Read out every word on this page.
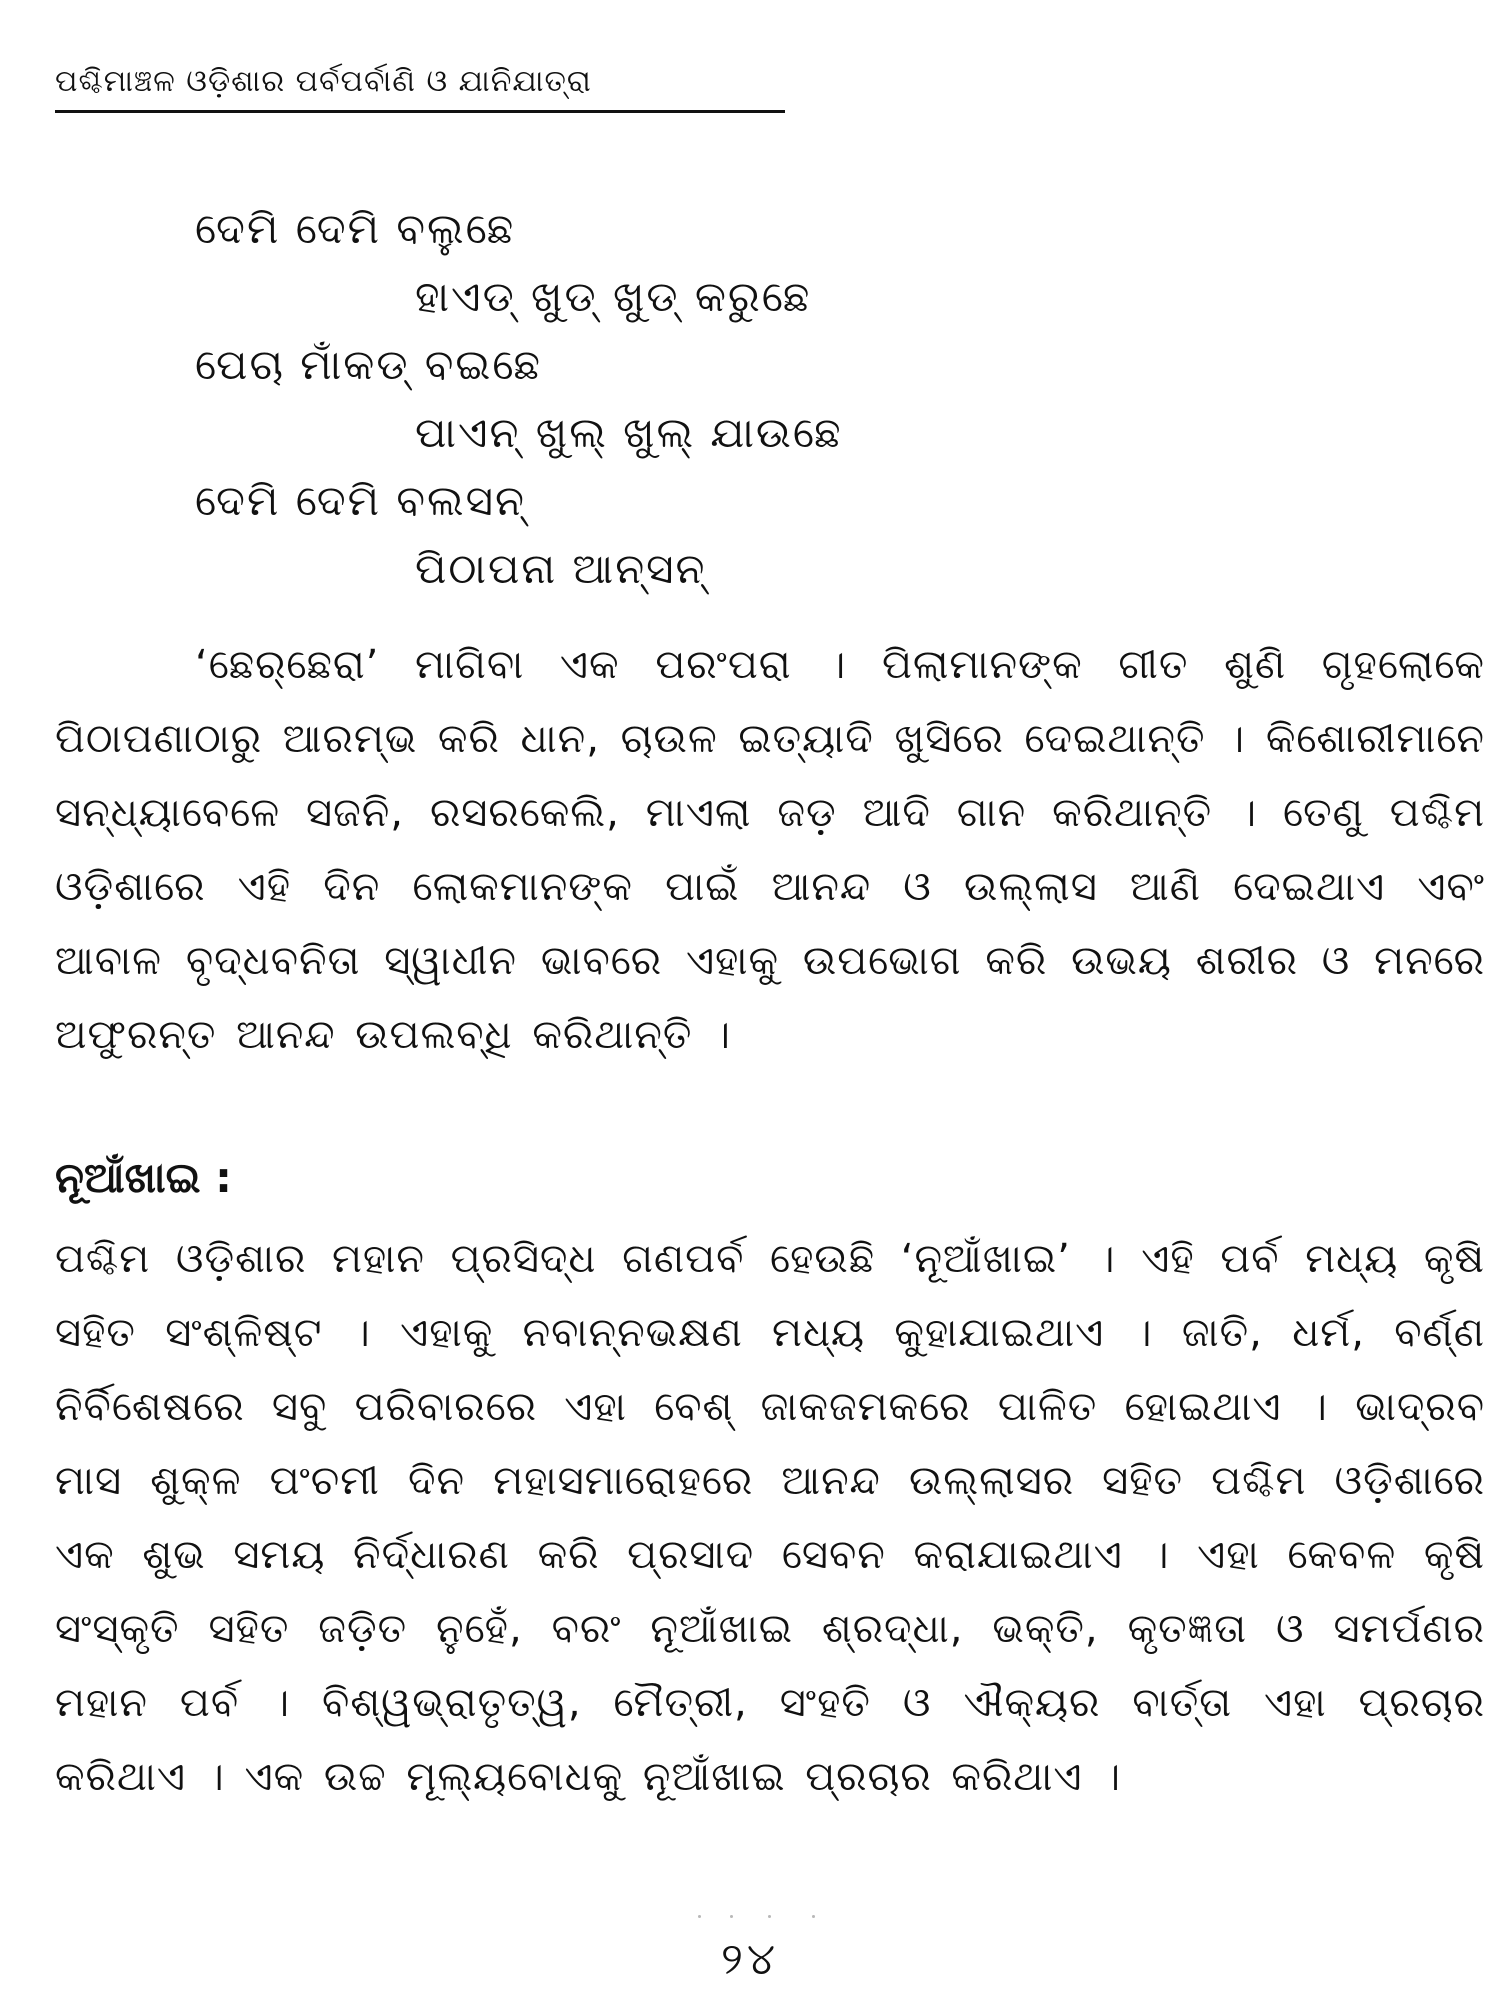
ପଶ୍ଚିମାଞ୍ଚଳ ଓଡ଼ିଶାର ପର୍ବପର୍ବାଣି ଓ ଯାନିଯାତ୍ରା
ଦେମି ଦେମି ବଲୁଛେ
ହାଏଡ୍ ଖୁଡ୍ ଖୁଡ୍ କରୁଛେ
ପେଚା ମାଁକଡ୍ ବଇଛେ
ପାଏନ୍ ଖୁଲ୍ ଖୁଲ୍ ଯାଉଛେ
ଦେମି ଦେମି ବଲସନ୍
ପିଠାପନା ଆନ୍‌ସନ୍

‘ଛେର୍‌ଛେରା’ ମାଗିବା ଏକ ପରଂପରା । ପିଲାମାନଙ୍କ ଗୀତ ଶୁଣି ଗୃହଲୋକେ ପିଠାପଣାଠାରୁ ଆରମ୍ଭ କରି ଧାନ, ଚାଉଳ ଇତ୍ୟାଦି ଖୁସିରେ ଦେଇଥାନ୍ତି । କିଶୋରୀମାନେ ସନ୍ଧ୍ୟାବେଳେ ସଜନି, ରସରକେଲି, ମାଏଲା ଜଡ଼ ଆଦି ଗାନ କରିଥାନ୍ତି । ତେଣୁ ପଶ୍ଚିମ ଓଡ଼ିଶାରେ ଏହି ଦିନ ଲୋକମାନଙ୍କ ପାଇଁ ଆନନ୍ଦ ଓ ଉଲ୍ଲାସ ଆଣି ଦେଇଥାଏ ଏବଂ ଆବାଳ ବୃଦ୍ଧବନିତା ସ୍ୱାଧୀନ ଭାବରେ ଏହାକୁ ଉପଭୋଗ କରି ଉଭୟ ଶରୀର ଓ ମନରେ ଅଫୁରନ୍ତ ଆନନ୍ଦ ଉପଲବ୍ଧି କରିଥାନ୍ତି ।

ନୂଆଁଖାଇ :

ପଶ୍ଚିମ ଓଡ଼ିଶାର ମହାନ ପ୍ରସିଦ୍ଧ ଗଣପର୍ବ ହେଉଛି ‘ନୂଆଁଖାଇ’ । ଏହି ପର୍ବ ମଧ୍ୟ କୃଷି ସହିତ ସଂଶ୍ଳିଷ୍ଟ । ଏହାକୁ ନବାନ୍ନଭକ୍ଷଣ ମଧ୍ୟ କୁହାଯାଇଥାଏ । ଜାତି, ଧର୍ମ, ବର୍ଣ୍ଣ ନିର୍ବିଶେଷରେ ସବୁ ପରିବାରରେ ଏହା ବେଶ୍ ଜାକଜମକରେ ପାଳିତ ହୋଇଥାଏ । ଭାଦ୍ରବ ମାସ ଶୁକ୍ଳ ପଂଚମୀ ଦିନ ମହାସମାରୋହରେ ଆନନ୍ଦ ଉଲ୍ଲାସର ସହିତ ପଶ୍ଚିମ ଓଡ଼ିଶାରେ ଏକ ଶୁଭ ସମୟ ନିର୍ଦ୍ଧାରଣ କରି ପ୍ରସାଦ ସେବନ କରାଯାଇଥାଏ । ଏହା କେବଳ କୃଷି ସଂସ୍କୃତି ସହିତ ଜଡ଼ିତ ନୁହେଁ, ବରଂ ନୂଆଁଖାଇ ଶ୍ରଦ୍ଧା, ଭକ୍ତି, କୃତଜ୍ଞତା ଓ ସମର୍ପଣର ମହାନ ପର୍ବ । ବିଶ୍ୱଭ୍ରାତୃତ୍ୱ, ମୈତ୍ରୀ, ସଂହତି ଓ ଐକ୍ୟର ବାର୍ତ୍ତା ଏହା ପ୍ରଚାର କରିଥାଏ । ଏକ ଉଚ୍ଚ ମୂଲ୍ୟବୋଧକୁ ନୂଆଁଖାଇ ପ୍ରଚାର କରିଥାଏ ।

୨୪
